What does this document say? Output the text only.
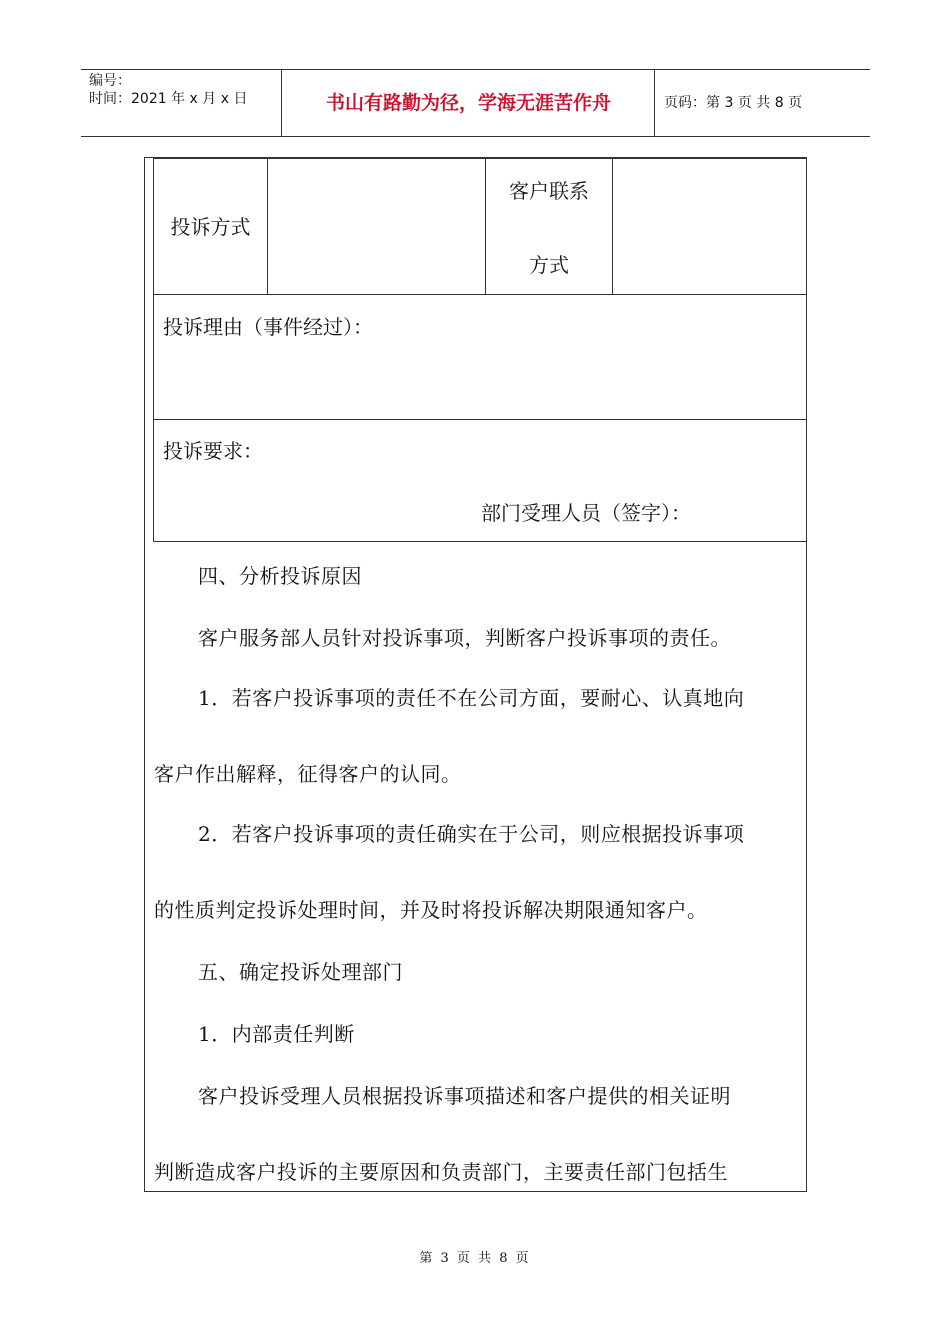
编号：
时间：2021 年 x 月 x 日	书山有路勤为径，学海无涯苦作舟	页码：第 3 页 共 8 页
投诉方式
客户联系
方式
投诉理由（事件经过）：
投诉要求：
部门受理人员（签字）：
四、分析投诉原因
客户服务部人员针对投诉事项，判断客户投诉事项的责任。
1．若客户投诉事项的责任不在公司方面，要耐心、认真地向
客户作出解释，征得客户的认同。
2．若客户投诉事项的责任确实在于公司，则应根据投诉事项
的性质判定投诉处理时间，并及时将投诉解决期限通知客户。
五、确定投诉处理部门
1．内部责任判断
客户投诉受理人员根据投诉事项描述和客户提供的相关证明
判断造成客户投诉的主要原因和负责部门，主要责任部门包括生
第 3 页 共 8 页
